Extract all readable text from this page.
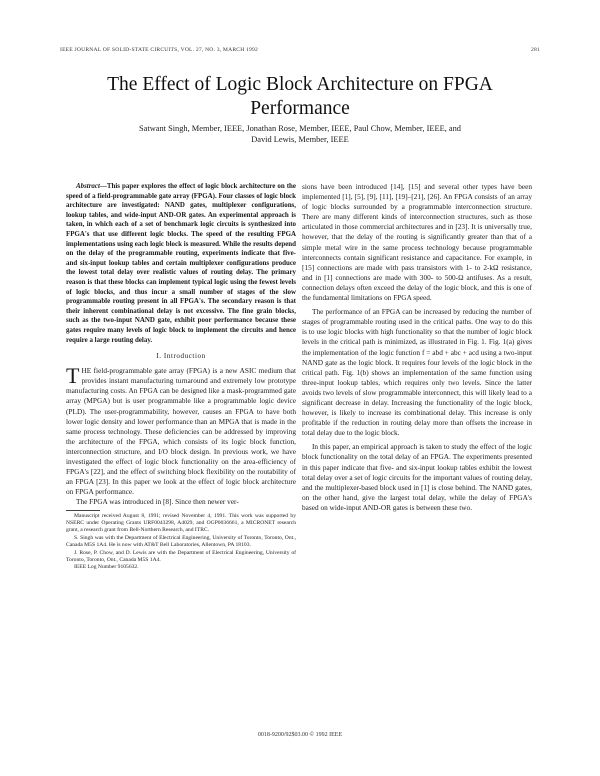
IEEE JOURNAL OF SOLID-STATE CIRCUITS, VOL. 27, NO. 3, MARCH 1992	281
The Effect of Logic Block Architecture on FPGA Performance
Satwant Singh, Member, IEEE, Jonathan Rose, Member, IEEE, Paul Chow, Member, IEEE, and
David Lewis, Member, IEEE

Abstract—This paper explores the effect of logic block architecture on the speed of a field-programmable gate array (FPGA). Four classes of logic block architecture are investigated: NAND gates, multiplexer configurations, lookup tables, and wide-input AND-OR gates. An experimental approach is taken, in which each of a set of benchmark logic circuits is synthesized into FPGA's that use different logic blocks. The speed of the resulting FPGA implementations using each logic block is measured. While the results depend on the delay of the programmable routing, experiments indicate that five- and six-input lookup tables and certain multiplexer configurations produce the lowest total delay over realistic values of routing delay. The primary reason is that these blocks can implement typical logic using the fewest levels of logic blocks, and thus incur a small number of stages of the slow programmable routing present in all FPGA's. The secondary reason is that their inherent combinational delay is not excessive. The fine grain blocks, such as the two-input NAND gate, exhibit poor performance because these gates require many levels of logic block to implement the circuits and hence require a large routing delay.

I. Introduction

THE field-programmable gate array (FPGA) is a new ASIC medium that provides instant manufacturing turnaround and extremely low prototype manufacturing costs. An FPGA can be designed like a mask-programmed gate array (MPGA) but is user programmable like a programmable logic device (PLD). The user-programmability, however, causes an FPGA to have both lower logic density and lower performance than an MPGA that is made in the same process technology. These deficiencies can be addressed by improving the architecture of the FPGA, which consists of its logic block function, interconnection structure, and I/O block design. In previous work, we have investigated the effect of logic block functionality on the area-efficiency of FPGA's [22], and the effect of switching block flexibility on the routability of an FPGA [23]. In this paper we look at the effect of logic block architecture on FPGA performance.

The FPGA was introduced in [8]. Since then newer ver-

Manuscript received August 8, 1991; revised November 4, 1991. This work was supported by NSERC under Operating Grants URF0043298, A4029, and OGP0036661, a MICRONET research grant, a research grant from Bell-Northern Research, and ITRC.

S. Singh was with the Department of Electrical Engineering, University of Toronto, Toronto, Ont., Canada M5S 1A4. He is now with AT&T Bell Laboratories, Allentown, PA 18103.

J. Rose, P. Chow, and D. Lewis are with the Department of Electrical Engineering, University of Toronto, Toronto, Ont., Canada M5S 1A4.

IEEE Log Number 9105632.

sions have been introduced [14], [15] and several other types have been implemented [1], [5], [9], [11], [19]–[21], [26]. An FPGA consists of an array of logic blocks surrounded by a programmable interconnection structure. There are many different kinds of interconnection structures, such as those articulated in those commercial architectures and in [23]. It is universally true, however, that the delay of the routing is significantly greater than that of a simple metal wire in the same process technology because programmable interconnects contain significant resistance and capacitance. For example, in [15] connections are made with pass transistors with 1- to 2-kΩ resistance, and in [1] connections are made with 300- to 500-Ω antifuses. As a result, connection delays often exceed the delay of the logic block, and this is one of the fundamental limitations on FPGA speed.

The performance of an FPGA can be increased by reducing the number of stages of programmable routing used in the critical paths. One way to do this is to use logic blocks with high functionality so that the number of logic block levels in the critical path is minimized, as illustrated in Fig. 1. Fig. 1(a) gives the implementation of the logic function f = abd + abc + acd using a two-input NAND gate as the logic block. It requires four levels of the logic block in the critical path. Fig. 1(b) shows an implementation of the same function using three-input lookup tables, which requires only two levels. Since the latter avoids two levels of slow programmable interconnect, this will likely lead to a significant decrease in delay. Increasing the functionality of the logic block, however, is likely to increase its combinational delay. This increase is only profitable if the reduction in routing delay more than offsets the increase in total delay due to the logic block.

In this paper, an empirical approach is taken to study the effect of the logic block functionality on the total delay of an FPGA. The experiments presented in this paper indicate that five- and six-input lookup tables exhibit the lowest total delay over a set of logic circuits for the important values of routing delay, and the multiplexer-based block used in [1] is close behind. The NAND gates, on the other hand, give the largest total delay, while the delay of FPGA's based on wide-input AND-OR gates is between these two.

0018-9200/92$03.00 © 1992 IEEE
